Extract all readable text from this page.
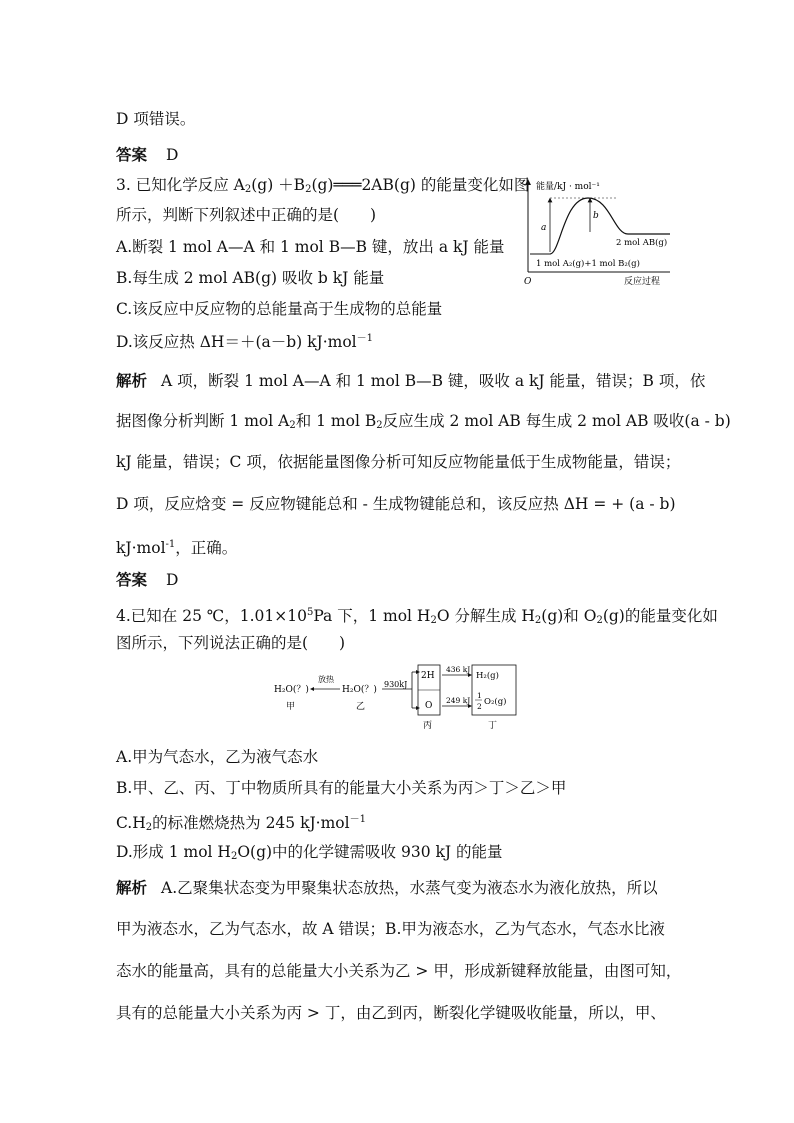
D 项错误。
答案 D
3. 已知化学反应 $A_2(g)$ $+B_2(g)═══2AB(g)$ 的能量变化如图
所示，判断下列叙述中正确的是(　　)
A.断裂 1 mol A—A 和 1 mol B—B 键，放出 a kJ 能量
B.每生成 2 mol AB(g) 吸收 b kJ 能量
C.该反应中反应物的总能量高于生成物的总能量
D.该反应热 ΔH＝＋(a－b) kJ·mol$^{-1}$
能量/kJ · mol⁻¹
O	反应过程
a
b
2 mol AB(g)
1 mol A₂(g)+1 mol B₂(g)
解析 A 项，断裂 1 mol A—A 和 1 mol B—B 键，吸收 a kJ 能量，错误；B 项，依
据图像分析判断 1 mol $A_2$和 1 mol $B_2$反应生成 2 mol AB 每生成 2 mol AB 吸收(a - b)
kJ 能量，错误；C 项，依据能量图像分析可知反应物能量低于生成物能量，错误；
D 项，反应焓变 = 反应物键能总和 - 生成物键能总和，该反应热 ΔH = + (a - b)
kJ·mol$^{-1}$，正确。
答案 D
4.已知在 25 ℃，$1.01\times 10^5Pa$ 下，1 mol $H_2O$ 分解生成 $H_2(g)$和 $O_2(g)$的能量变化如
图所示，下列说法正确的是(　　)
H₂O(？)
甲
放热
H₂O(？)
乙
930kJ
2H
O
丙
436 kJ
249 kJ
H₂(g)
1
2 O₂(g)
丁
A.甲为气态水，乙为液气态水
B.甲、乙、丙、丁中物质所具有的能量大小关系为丙＞丁＞乙＞甲
$C.H_2$的标准燃烧热为 245 kJ·mol$^{-1}$
D.形成 1 mol $H_2O(g)$中的化学键需吸收 930 kJ 的能量
解析 A.乙聚集状态变为甲聚集状态放热，水蒸气变为液态水为液化放热，所以
甲为液态水，乙为气态水，故 A 错误；B.甲为液态水，乙为气态水，气态水比液
态水的能量高，具有的总能量大小关系为乙 > 甲，形成新键释放能量，由图可知，
具有的总能量大小关系为丙 > 丁，由乙到丙，断裂化学键吸收能量，所以，甲、
